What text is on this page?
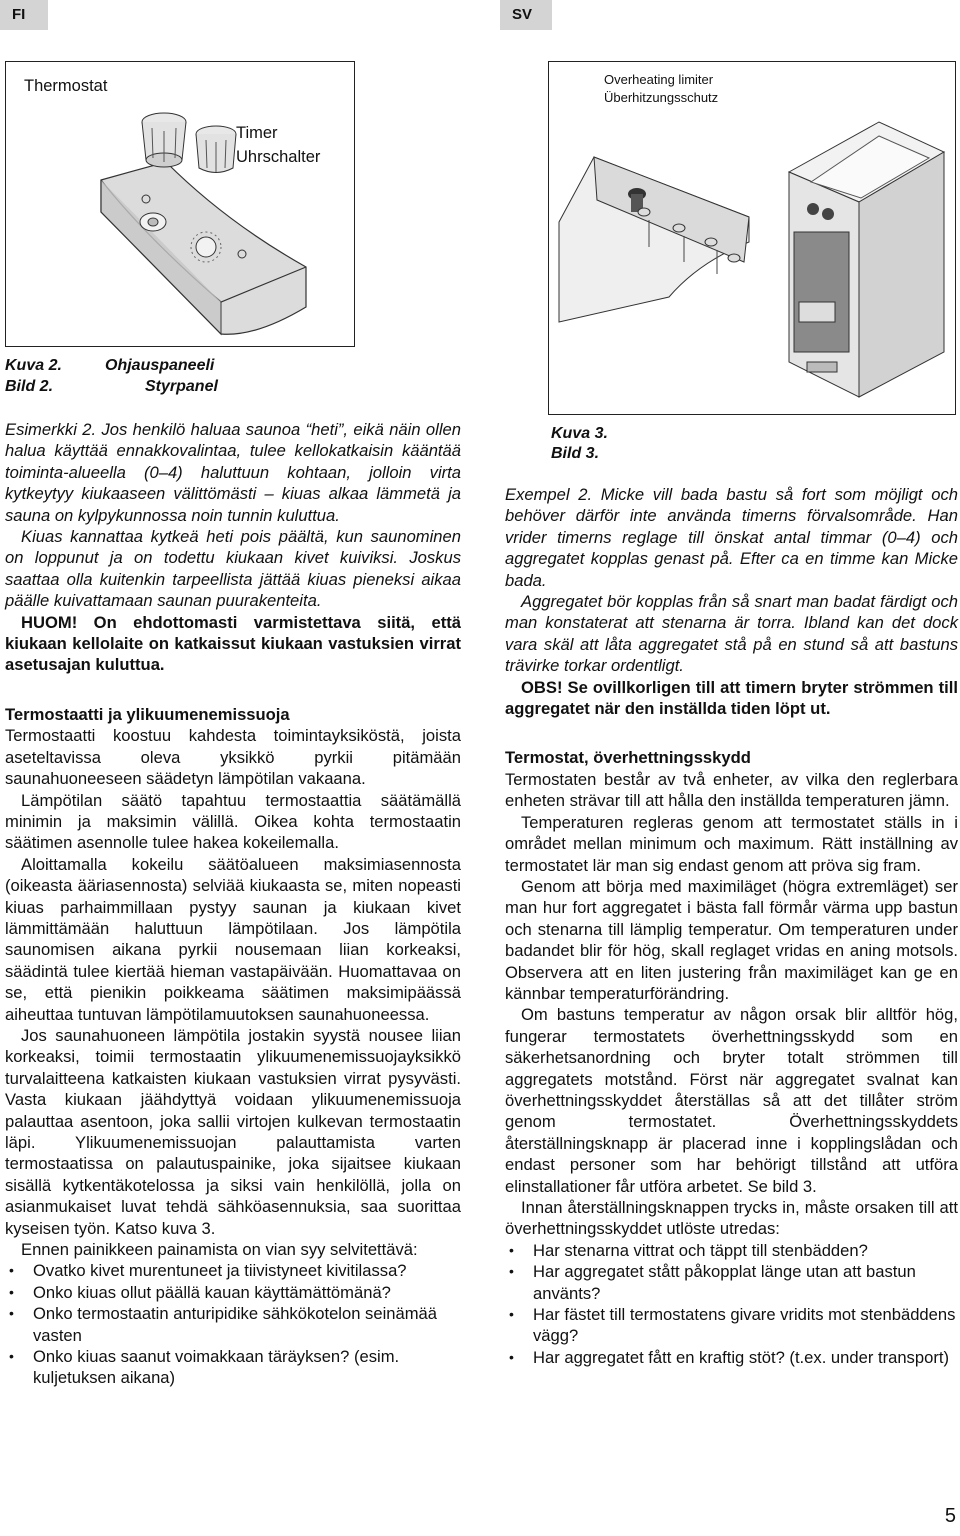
FI	SV
Thermostat
Timer
Uhrschalter
Kuva 2.	Ohjauspaneeli
Bild 2.	Styrpanel
Overheating limiter
Überhitzungsschutz
Kuva 3.
Bild 3.

Esimerkki 2. Jos henkilö haluaa saunoa “heti”, eikä näin ollen halua käyttää ennakkovalintaa, tulee kellokatkaisin kääntää toiminta-alueella (0–4) haluttuun kohtaan, jolloin virta kytkeytyy kiukaaseen välittömästi – kiuas alkaa lämmetä ja sauna on kylpykunnossa noin tunnin kuluttua.

Kiuas kannattaa kytkeä heti pois päältä, kun saunominen on loppunut ja on todettu kiukaan kivet kuiviksi. Joskus saattaa olla kuitenkin tarpeellista jättää kiuas pieneksi aikaa päälle kuivattamaan saunan puurakenteita.

HUOM! On ehdottomasti varmistettava siitä, että kiukaan kellolaite on katkaissut kiukaan vastuksien virrat asetusajan kuluttua.

Termostaatti ja ylikuumenemissuoja

Termostaatti koostuu kahdesta toimintayksiköstä, joista aseteltavissa oleva yksikkö pyrkii pitämään saunahuoneeseen säädetyn lämpötilan vakaana.

Lämpötilan säätö tapahtuu termostaattia säätämällä minimin ja maksimin välillä. Oikea kohta termostaatin säätimen asennolle tulee hakea kokeilemalla.

Aloittamalla kokeilu säätöalueen maksimiasennosta (oikeasta ääriasennosta) selviää kiukaasta se, miten nopeasti kiuas parhaimmillaan pystyy saunan ja kiukaan kivet lämmittämään haluttuun lämpötilaan. Jos lämpötila saunomisen aikana pyrkii nousemaan liian korkeaksi, säädintä tulee kiertää hieman vastapäivään. Huomattavaa on se, että pienikin poikkeama säätimen maksimipäässä aiheuttaa tuntuvan lämpötilamuutoksen saunahuoneessa.

Jos saunahuoneen lämpötila jostakin syystä nousee liian korkeaksi, toimii termostaatin ylikuumenemissuojayksikkö turvalaitteena katkaisten kiukaan vastuksien virrat pysyvästi. Vasta kiukaan jäähdyttyä voidaan ylikuumenemissuoja palauttaa asentoon, joka sallii virtojen kulkevan termostaatin läpi. Ylikuumenemissuojan palauttamista varten termostaatissa on palautuspainike, joka sijaitsee kiukaan sisällä kytkentäkotelossa ja siksi vain henkilöllä, jolla on asianmukaiset luvat tehdä sähköasennuksia, saa suorittaa kyseisen työn. Katso kuva 3.

Ennen painikkeen painamista on vian syy selvitettävä:

• Ovatko kivet murentuneet ja tiivistyneet kivitilassa?
• Onko kiuas ollut päällä kauan käyttämättömänä?
• Onko termostaatin anturipidike sähkökotelon seinämää vasten
• Onko kiuas saanut voimakkaan täräyksen? (esim. kuljetuksen aikana)

Exempel 2. Micke vill bada bastu så fort som möjligt och behöver därför inte använda timerns förvalsområde. Han vrider timerns reglage till önskat antal timmar (0–4) och aggregatet kopplas genast på. Efter ca en timme kan Micke bada.

Aggregatet bör kopplas från så snart man badat färdigt och man konstaterat att stenarna är torra. Ibland kan det dock vara skäl att låta aggregatet stå på en stund så att bastuns trävirke torkar ordentligt.

OBS! Se ovillkorligen till att timern bryter strömmen till aggregatet när den inställda tiden löpt ut.

Termostat, överhettningsskydd

Termostaten består av två enheter, av vilka den reglerbara enheten strävar till att hålla den inställda temperaturen jämn.

Temperaturen regleras genom att termostatet ställs in i området mellan minimum och maximum. Rätt inställning av termostatet lär man sig endast genom att pröva sig fram.

Genom att börja med maximiläget (högra extremläget) ser man hur fort aggregatet i bästa fall förmår värma upp bastun och stenarna till lämplig temperatur. Om temperaturen under badandet blir för hög, skall reglaget vridas en aning motsols. Observera att en liten justering från maximiläget kan ge en kännbar temperaturförändring.

Om bastuns temperatur av någon orsak blir alltför hög, fungerar termostatets överhettningsskydd som en säkerhetsanordning och bryter totalt strömmen till aggregatets motstånd. Först när aggregatet svalnat kan överhettningsskyddet återställas så att det tillåter ström genom termostatet. Överhettningsskyddets återställningsknapp är placerad inne i kopplingslådan och endast personer som har behörigt tillstånd att utföra elinstallationer får utföra arbetet. Se bild 3.

Innan återställningsknappen trycks in, måste orsaken till att överhettningsskyddet utlöste utredas:

• Har stenarna vittrat och täppt till stenbädden?
• Har aggregatet stått påkopplat länge utan att bastun använts?
• Har fästet till termostatens givare vridits mot stenbäddens vägg?
• Har aggregatet fått en kraftig stöt? (t.ex. under transport)
5
